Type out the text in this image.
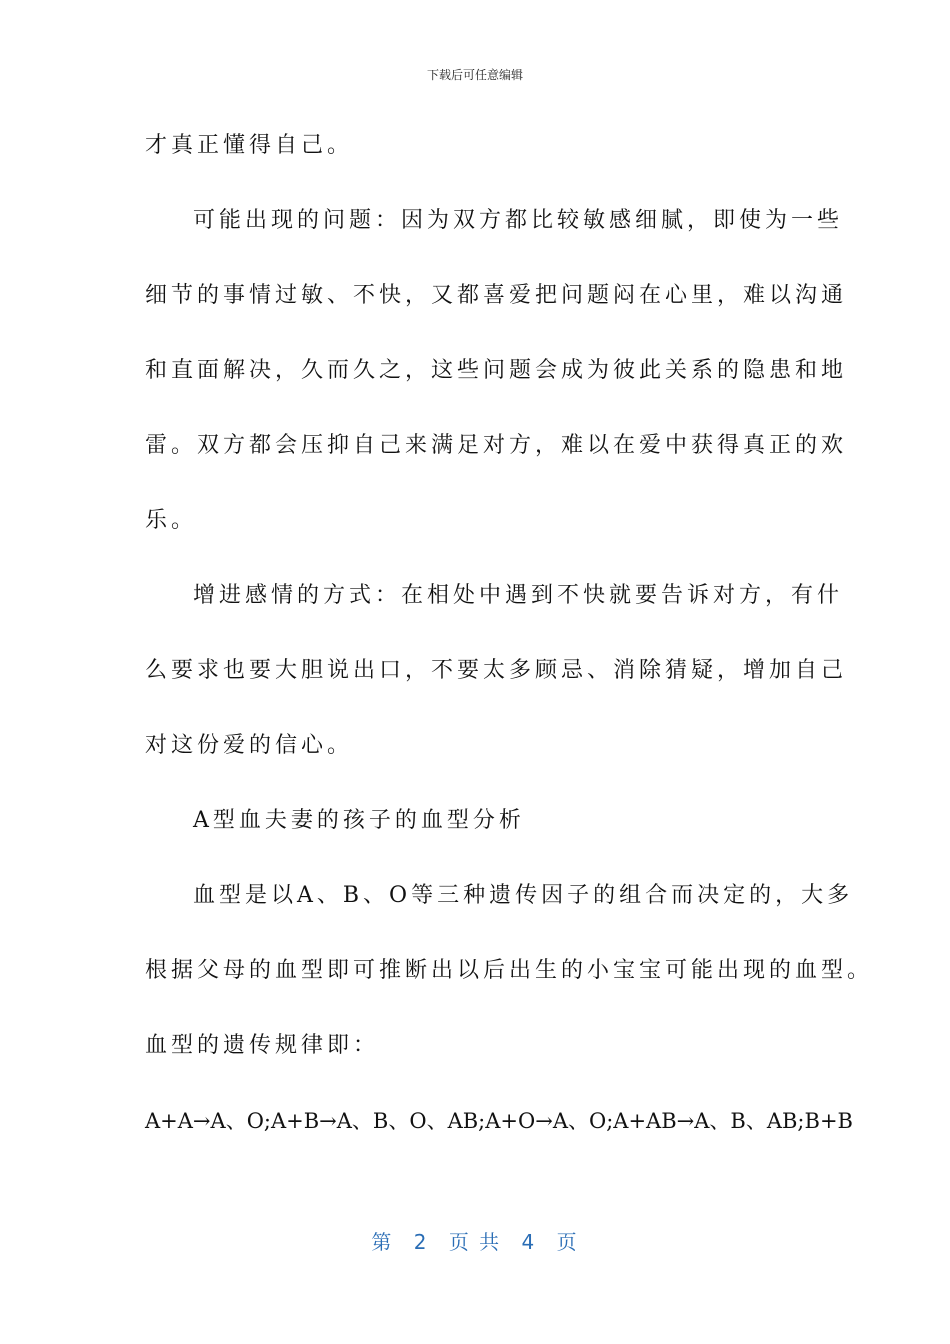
下载后可任意编辑
才真正懂得自己。
可能出现的问题：因为双方都比较敏感细腻，即使为一些
细节的事情过敏、不快，又都喜爱把问题闷在心里，难以沟通
和直面解决，久而久之，这些问题会成为彼此关系的隐患和地
雷。双方都会压抑自己来满足对方，难以在爱中获得真正的欢
乐。
增进感情的方式：在相处中遇到不快就要告诉对方，有什
么要求也要大胆说出口，不要太多顾忌、消除猜疑，增加自己
对这份爱的信心。
A型血夫妻的孩子的血型分析
血型是以A、B、O等三种遗传因子的组合而决定的，大多
根据父母的血型即可推断出以后出生的小宝宝可能出现的血型。
血型的遗传规律即：
A+A→A、O;A+B→A、B、O、AB;A+O→A、O;A+AB→A、B、AB;B+B
第 2 页 共 4 页
